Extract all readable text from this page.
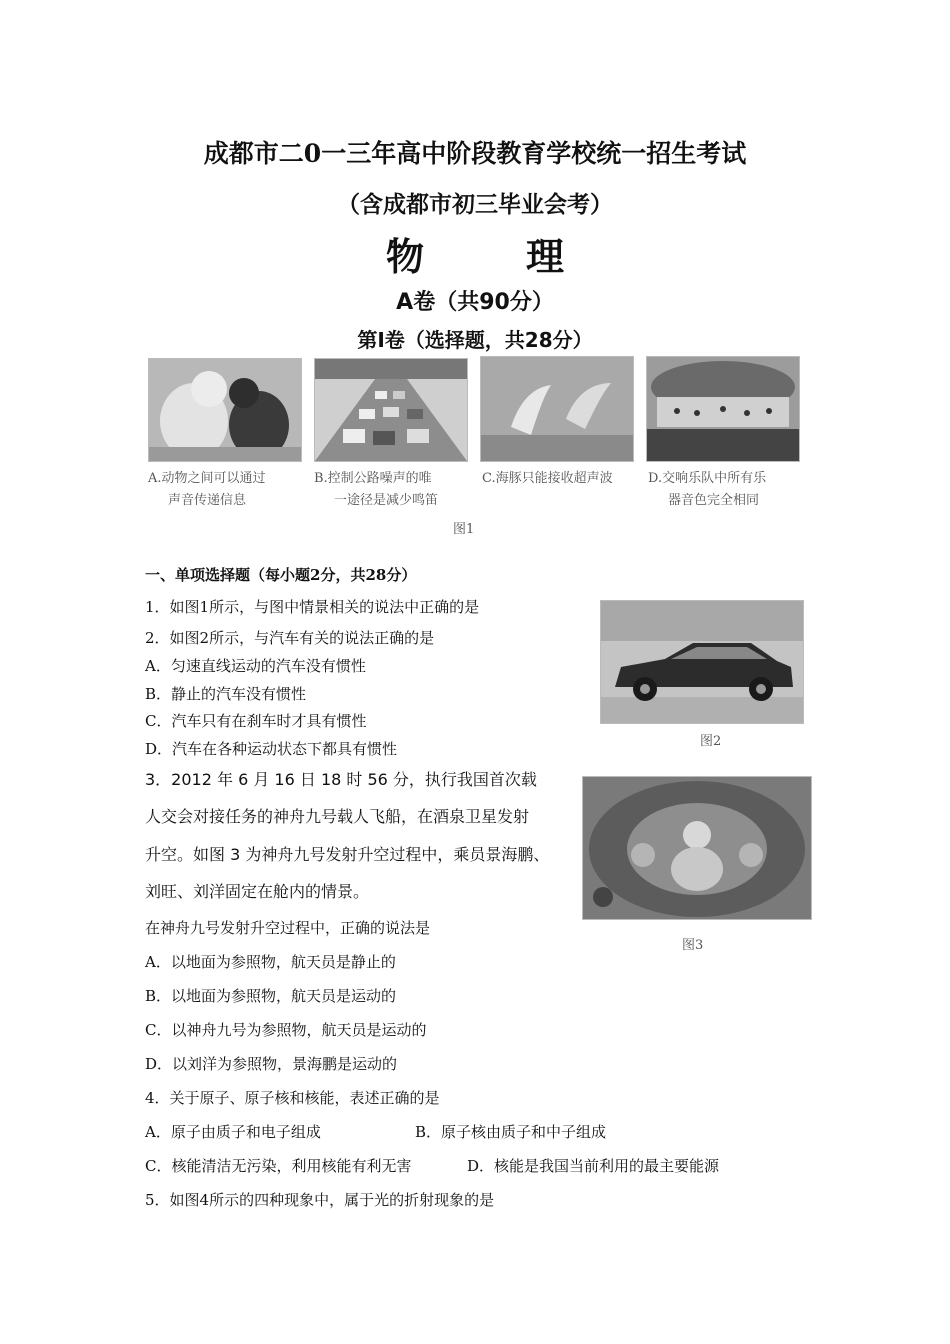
成都市二0一三年高中阶段教育学校统一招生考试
（含成都市初三毕业会考）
物	理
A卷（共90分）
第Ⅰ卷（选择题，共28分）
A.动物之间可以通过
声音传递信息
B.控制公路噪声的唯
一途径是减少鸣笛
C.海豚只能接收超声波	D.交响乐队中所有乐
器音色完全相同
图1
一、单项选择题（每小题2分，共28分）
1．如图1所示，与图中情景相关的说法中正确的是
2．如图2所示，与汽车有关的说法正确的是
A．匀速直线运动的汽车没有惯性
B．静止的汽车没有惯性
C．汽车只有在刹车时才具有惯性
D．汽车在各种运动状态下都具有惯性	图2
3．2012 年 6 月 16 日 18 时 56 分，执行我国首次载
人交会对接任务的神舟九号载人飞船，在酒泉卫星发射
升空。如图 3 为神舟九号发射升空过程中，乘员景海鹏、
刘旺、刘洋固定在舱内的情景。
在神舟九号发射升空过程中，正确的说法是
A．以地面为参照物，航天员是静止的
B．以地面为参照物，航天员是运动的
C．以神舟九号为参照物，航天员是运动的
D．以刘洋为参照物，景海鹏是运动的
图3
4．关于原子、原子核和核能，表述正确的是
A．原子由质子和电子组成	B．原子核由质子和中子组成
C．核能清洁无污染，利用核能有利无害	D．核能是我国当前利用的最主要能源
5．如图4所示的四种现象中，属于光的折射现象的是
